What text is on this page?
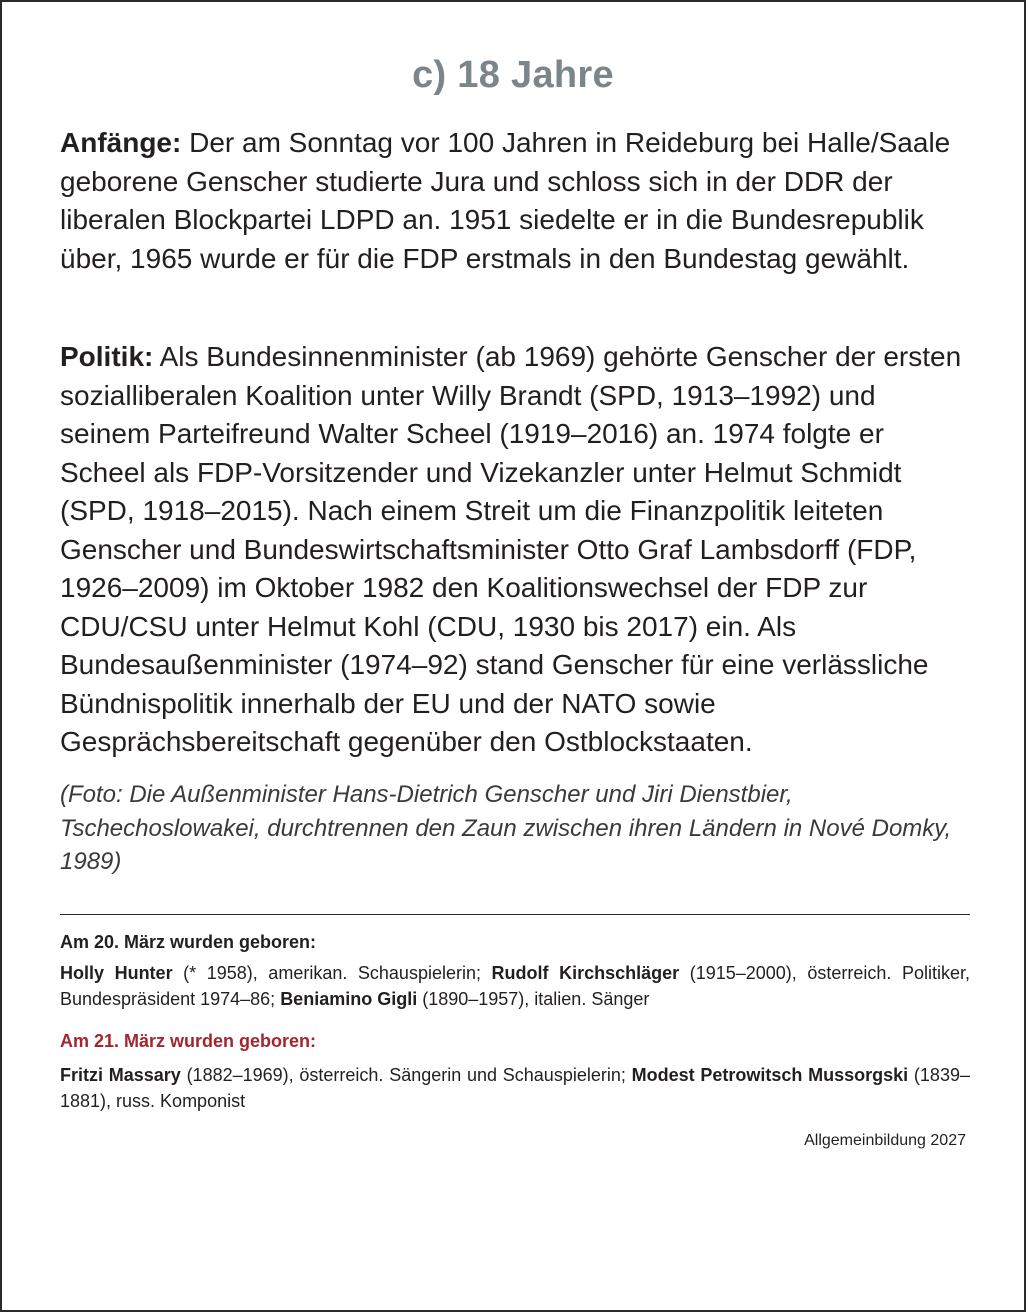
c) 18 Jahre
Anfänge: Der am Sonntag vor 100 Jahren in Reideburg bei Halle/Saale geborene Genscher studierte Jura und schloss sich in der DDR der liberalen Blockpartei LDPD an. 1951 siedelte er in die Bundesrepublik über, 1965 wurde er für die FDP erstmals in den Bundestag gewählt.
Politik: Als Bundesinnenminister (ab 1969) gehörte Genscher der ersten sozialliberalen Koalition unter Willy Brandt (SPD, 1913–1992) und seinem Parteifreund Walter Scheel (1919–2016) an. 1974 folgte er Scheel als FDP-Vorsitzender und Vizekanzler unter Helmut Schmidt (SPD, 1918–2015). Nach einem Streit um die Finanzpolitik leiteten Genscher und Bundeswirtschaftsminister Otto Graf Lambsdorff (FDP, 1926–2009) im Oktober 1982 den Koalitionswechsel der FDP zur CDU/CSU unter Helmut Kohl (CDU, 1930 bis 2017) ein. Als Bundesaußenminister (1974–92) stand Genscher für eine verlässliche Bündnispolitik innerhalb der EU und der NATO sowie Gesprächsbereitschaft gegenüber den Ostblockstaaten.
(Foto: Die Außenminister Hans-Dietrich Genscher und Jiri Dienstbier, Tschechoslowakei, durchtrennen den Zaun zwischen ihren Ländern in Nové Domky, 1989)
Am 20. März wurden geboren:
Holly Hunter (* 1958), amerikan. Schauspielerin; Rudolf Kirchschläger (1915–2000), österreich. Politiker, Bundespräsident 1974–86; Beniamino Gigli (1890–1957), italien. Sänger
Am 21. März wurden geboren:
Fritzi Massary (1882–1969), österreich. Sängerin und Schauspielerin; Modest Petrowitsch Mussorgski (1839–1881), russ. Komponist
Allgemeinbildung 2027
